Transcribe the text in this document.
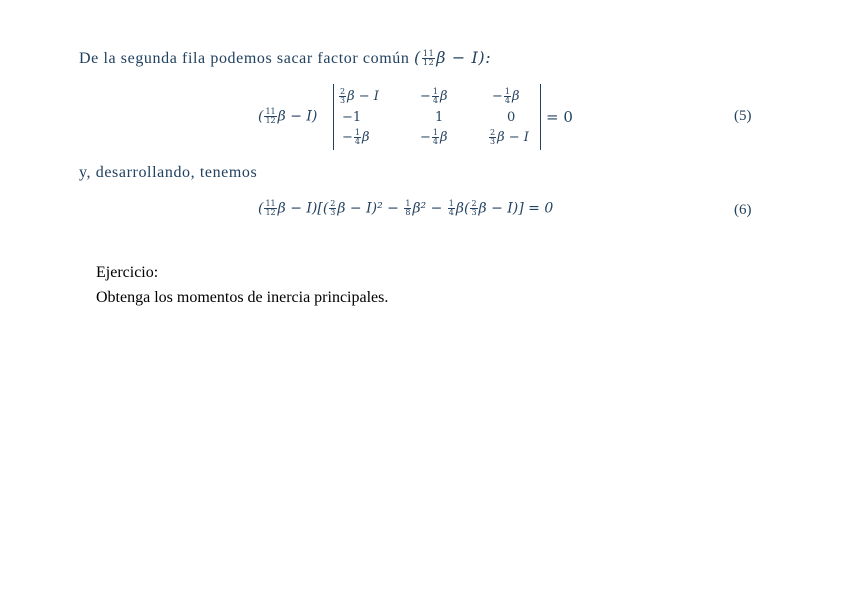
De la segunda fila podemos sacar factor común ( $\frac{11}{12}$ β − I):
( $\frac{11}{12}$ β − I)
$\frac{2}{3}$ β − I	− $\frac{1}{4}$ β	− $\frac{1}{4}$ β
−1	1	0
− $\frac{1}{4}$ β	− $\frac{1}{4}$ β	$\frac{2}{3}$ β − I
= 0	(5)
y, desarrollando, tenemos
( $\frac{11}{12}$ $\beta - I)[( \frac{2}{3}$ $\beta - I)^2 - \frac{1}{8} \beta^2 - \frac{1}{4} \beta( \frac{2}{3}$ β − I)] = 0	(6)
Ejercicio:
Obtenga los momentos de inercia principales.
